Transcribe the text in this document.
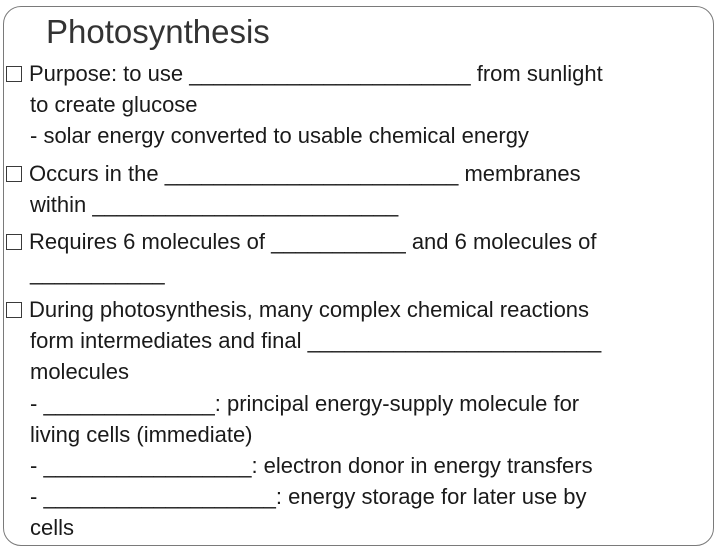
Photosynthesis
Purpose: to use _______________________ from sunlight
to create glucose
- solar energy converted to usable chemical energy
Occurs in the ________________________ membranes
within _________________________
Requires 6 molecules of ___________ and 6 molecules of
___________
During photosynthesis, many complex chemical reactions
form intermediates and final ________________________
molecules
- ______________: principal energy-supply molecule for
living cells (immediate)
- _________________: electron donor in energy transfers
- ___________________: energy storage for later use by
cells
